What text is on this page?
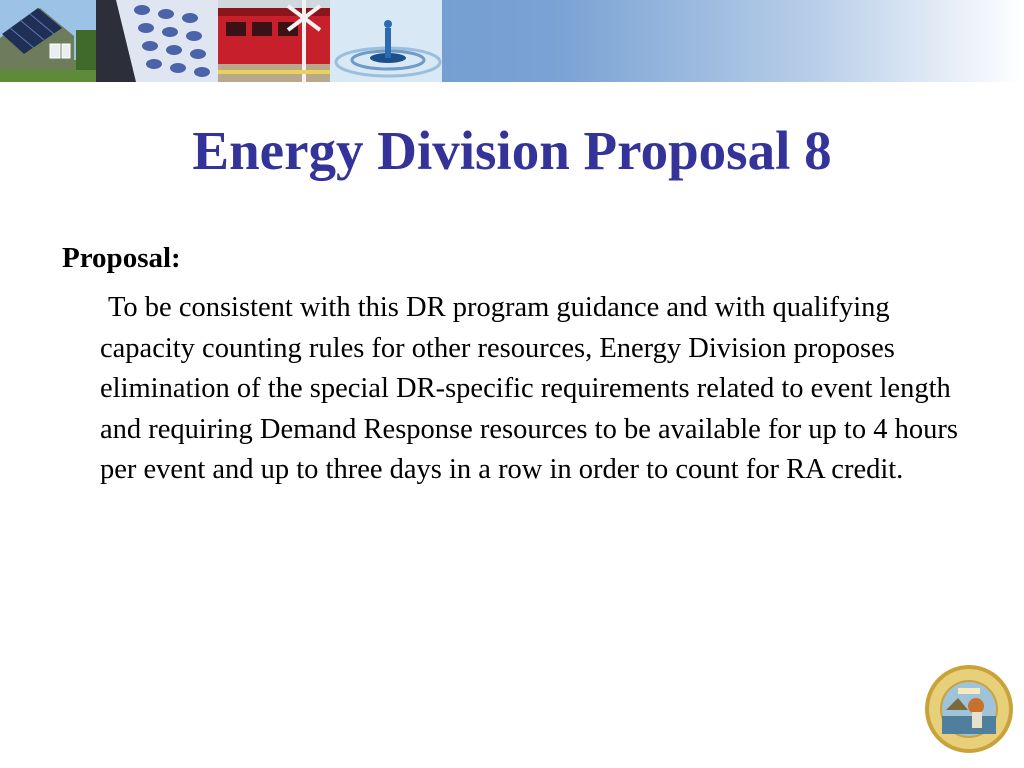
Energy Division Proposal 8
Proposal:
To be consistent with this DR program guidance and with qualifying capacity counting rules for other resources, Energy Division proposes elimination of the special DR-specific requirements related to event length and requiring Demand Response resources to be available for up to 4 hours per event and up to three days in a row in order to count for RA credit.
